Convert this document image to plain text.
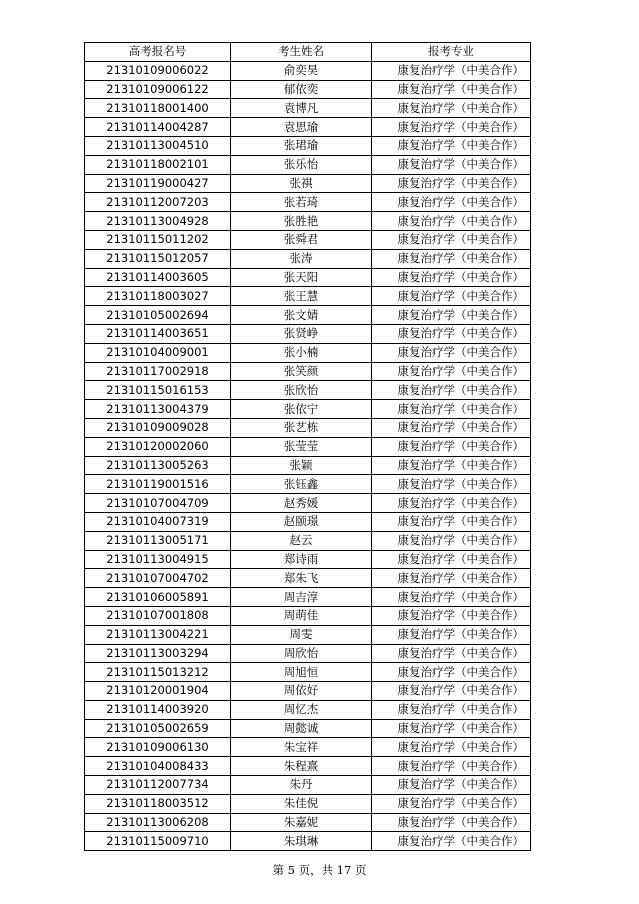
高考报名号	考生姓名	报考专业
21310109006022	俞奕昊	康复治疗学（中美合作）
21310109006122	郁依奕	康复治疗学（中美合作）
21310118001400	袁博凡	康复治疗学（中美合作）
21310114004287	袁思瑜	康复治疗学（中美合作）
21310113004510	张珺瑜	康复治疗学（中美合作）
21310118002101	张乐怡	康复治疗学（中美合作）
21310119000427	张祺	康复治疗学（中美合作）
21310112007203	张若琦	康复治疗学（中美合作）
21310113004928	张胜艳	康复治疗学（中美合作）
21310115011202	张舜君	康复治疗学（中美合作）
21310115012057	张涛	康复治疗学（中美合作）
21310114003605	张天阳	康复治疗学（中美合作）
21310118003027	张王慧	康复治疗学（中美合作）
21310105002694	张文婧	康复治疗学（中美合作）
21310114003651	张贤峥	康复治疗学（中美合作）
21310104009001	张小楠	康复治疗学（中美合作）
21310117002918	张笑颜	康复治疗学（中美合作）
21310115016153	张欣怡	康复治疗学（中美合作）
21310113004379	张依宁	康复治疗学（中美合作）
21310109009028	张艺栋	康复治疗学（中美合作）
21310120002060	张莹莹	康复治疗学（中美合作）
21310113005263	张颖	康复治疗学（中美合作）
21310119001516	张钰鑫	康复治疗学（中美合作）
21310107004709	赵秀媛	康复治疗学（中美合作）
21310104007319	赵颐璟	康复治疗学（中美合作）
21310113005171	赵云	康复治疗学（中美合作）
21310113004915	郑诗雨	康复治疗学（中美合作）
21310107004702	郑朱飞	康复治疗学（中美合作）
21310106005891	周吉淳	康复治疗学（中美合作）
21310107001808	周萌佳	康复治疗学（中美合作）
21310113004221	周雯	康复治疗学（中美合作）
21310113003294	周欣怡	康复治疗学（中美合作）
21310115013212	周旭恒	康复治疗学（中美合作）
21310120001904	周依好	康复治疗学（中美合作）
21310114003920	周忆杰	康复治疗学（中美合作）
21310105002659	周懿诚	康复治疗学（中美合作）
21310109006130	朱宝祥	康复治疗学（中美合作）
21310104008433	朱程熹	康复治疗学（中美合作）
21310112007734	朱丹	康复治疗学（中美合作）
21310118003512	朱佳倪	康复治疗学（中美合作）
21310113006208	朱嘉妮	康复治疗学（中美合作）
21310115009710	朱琪琳	康复治疗学（中美合作）
第 5 页，共 17 页
